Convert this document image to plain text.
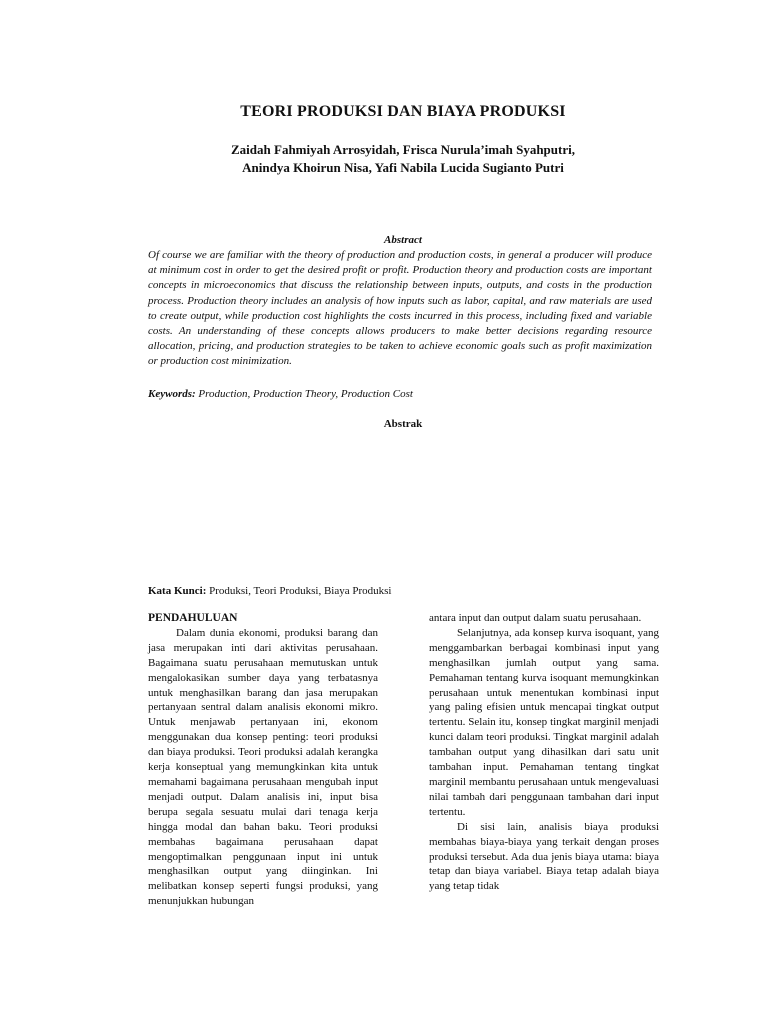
TEORI PRODUKSI DAN BIAYA PRODUKSI
Zaidah Fahmiyah Arrosyidah, Frisca Nurula’imah Syahputri,
Anindya Khoirun Nisa, Yafi Nabila Lucida Sugianto Putri
Abstract
Of course we are familiar with the theory of production and production costs, in general a producer will produce at minimum cost in order to get the desired profit or profit. Production theory and production costs are important concepts in microeconomics that discuss the relationship between inputs, outputs, and costs in the production process. Production theory includes an analysis of how inputs such as labor, capital, and raw materials are used to create output, while production cost highlights the costs incurred in this process, including fixed and variable costs. An understanding of these concepts allows producers to make better decisions regarding resource allocation, pricing, and production strategies to be taken to achieve economic goals such as profit maximization or production cost minimization.
Keywords: Production, Production Theory, Production Cost
Abstrak
Kata Kunci: Produksi, Teori Produksi, Biaya Produksi

PENDAHULUAN

Dalam dunia ekonomi, produksi barang dan jasa merupakan inti dari aktivitas perusahaan. Bagaimana suatu perusahaan memutuskan untuk mengalokasikan sumber daya yang terbatasnya untuk menghasilkan barang dan jasa merupakan pertanyaan sentral dalam analisis ekonomi mikro. Untuk menjawab pertanyaan ini, ekonom menggunakan dua konsep penting: teori produksi dan biaya produksi. Teori produksi adalah kerangka kerja konseptual yang memungkinkan kita untuk memahami bagaimana perusahaan mengubah input menjadi output. Dalam analisis ini, input bisa berupa segala sesuatu mulai dari tenaga kerja hingga modal dan bahan baku. Teori produksi membahas bagaimana perusahaan dapat mengoptimalkan penggunaan input ini untuk menghasilkan output yang diinginkan. Ini melibatkan konsep seperti fungsi produksi, yang menunjukkan hubungan

antara input dan output dalam suatu perusahaan.

Selanjutnya, ada konsep kurva isoquant, yang menggambarkan berbagai kombinasi input yang menghasilkan jumlah output yang sama. Pemahaman tentang kurva isoquant memungkinkan perusahaan untuk menentukan kombinasi input yang paling efisien untuk mencapai tingkat output tertentu. Selain itu, konsep tingkat marginil menjadi kunci dalam teori produksi. Tingkat marginil adalah tambahan output yang dihasilkan dari satu unit tambahan input. Pemahaman tentang tingkat marginil membantu perusahaan untuk mengevaluasi nilai tambah dari penggunaan tambahan dari input tertentu.

Di sisi lain, analisis biaya produksi membahas biaya-biaya yang terkait dengan proses produksi tersebut. Ada dua jenis biaya utama: biaya tetap dan biaya variabel. Biaya tetap adalah biaya yang tetap tidak
